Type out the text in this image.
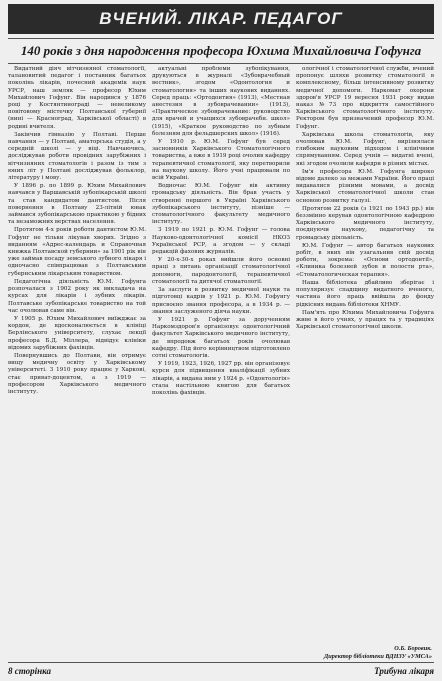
ВЧЕНИЙ. ЛІКАР. ПЕДАГОГ
140 років з дня народження професора Юхима Михайловича Гофунга

Видатний діяч вітчизняної стоматології, талановитий педагог і поставник багатьох поколінь лікарів, почесний академік наук УРСР, наш земляк — професор Юхим Михайлович Гофунг. Він народився у 1876 році у Костянтинограді — невеликому повітовому містечку Полтавської губернії (нині — Красноград, Харківської області) в родині вчителя.

Закінчив гімназію у Полтаві. Перше навчання — у Полтаві, аматорська студія, а у середній школі — у віці. Навчаючись, досліджував роботи провідних зарубіжних і вітчизняних стоматологів і разом із тим з юних літ у Полтаві досліджував фольклор, літературу і мову.

У 1896 р. по 1899 р. Юхим Михайлович навчався у Варшавській зубопікарській школі та став кандидатом дантистом. Після повернення в Полтаву 23-літній юнак займався зубопікарською практикою у бідних та незаможних верствах населення.

Протягом 4-х років роботи дантистом Ю.М. Гофунг не тільки лікував хворих. Згідно з виданням «Адрес-календарь и Справочная книжка Полтавской губернии» за 1901 рік він уже займав посаду земського зубного лікаря і одночасно співпрацював з Полтавським губернським лікарським товариством.

Педагогічна діяльність Ю.М. Гофунга розпочалася з 1902 року як викладача на курсах для лікарів і зубних лікарів. Полтавське зубопікарське товариство на той час очолював саме він.

У 1905 р. Юхим Михайлович виїжджає за кордон, де вдосконалюється в клініці Берлінського університету, слухає лекції професора Б.Д. Міллера, відвідує клініки відомих зарубіжних фахівців.

Повернувшись до Полтави, він отримує вищу медичну освіту у Харківському університеті. З 1910 року працює у Харкові, стає приват-доцентом, а з 1919 — професором Харківського медичного інституту.

актуальні проблеми зубопікування, друкуються в журналі «Зубоврачебный вестник», згодом «Одонтология и стоматология» та інших наукових виданнях. Серед праць: «Ортодонтия» (1913), «Местная анестезия в зубоврачевании» (1913), «Практическое зубоврачевание: руководство для врачей и учащихся зубоврачебн. школ» (1915), «Краткое руководство по зубным болезням для фельдшерских школ» (1916).

У 1910 р. Ю.М. Гофунг був серед засновників Харківського Стоматологічного товариства, а вже в 1919 році очолив кафедру терапевтичної стоматології, яку перетворили на наукову школу. Його учні працювали по всій Україні.

Водночас Ю.М. Гофунг вів активну громадську діяльність. Він брав участь у створенні першого в Україні Харківського зубопікарського інституту, пізніше — стоматологічного факультету медичного інституту.

З 1919 по 1921 р. Ю.М. Гофунг — голова Науково-одонтологічної комісії НКОЗ Української РСР, а згодом — у складі редакцій фахових журналів.

У 20-х-30-х роках вийшли його основні праці з питань організації стоматологічної допомоги, пародонтології, терапевтичної стоматології та дитячої стоматології.

За заслуги в розвитку медичної науки та підготовці кадрів у 1921 р. Ю.М. Гофунгу присвоєно звання професора, а в 1934 р. — звання заслуженого діяча науки.

У 1921 р. Гофунг за дорученням Наркомздоров'я організовує одонтологічний факультет Харківського медичного інституту, де впродовж багатьох років очолював кафедру. Під його керівництвом підготовлено сотні стоматологів.

У 1919, 1923, 1926, 1927 рр. він організовує курси для підвищення кваліфікації зубних лікарів, а видана ним у 1924 р. «Одонтологія» стала настільною книгою для багатьох поколінь фахівців.

ологічної і стоматологічної служби, вчений пропонує шляхи розвитку стоматології в комплексному, більш інтенсивному розвитку медичної допомоги. Наркомат охорони здоров'я УРСР 19 вересня 1931 року видав наказ №73 про відкриття самостійного Харківського стоматологічного інституту. Ректором був призначений професор Ю.М. Гофунг.

Харківська школа стоматологів, яку очолював Ю.М. Гофунг, вирізнялася глибоким науковим підходом і клінічним спрямуванням. Серед учнів — видатні вчені, які згодом очолили кафедри в різних містах.

Ім'я професора Ю.М. Гофунга широко відоме далеко за межами України. Його праці видавалися різними мовами, а досвід Харківської стоматологічної школи став основою розвитку галузі.

Протягом 22 років (з 1921 по 1943 рр.) він беззмінно керував одонтологічною кафедрою Харківського медичного інституту, поєднуючи наукову, педагогічну та громадську діяльність.

Ю.М. Гофунг — автор багатьох наукових робіт, в яких він узагальнив свій досвід роботи, зокрема: «Основи ортодонтії», «Клиника болезней зубов и полости рта», «Стоматологическая терапия».

Наша бібліотека дбайливо зберігає і популяризує спадщину видатного вченого, частина його праць ввійшла до фонду рідкісних видань бібліотеки ХНМУ.

Пам'ять про Юхима Михайловича Гофунга живе в його учнях, у працях та у традиціях Харківської стоматологічної школи.

О.Б. Боровик.
Директор бібліотеки ВДНЗУ «УМСА»
8 сторінка	Трибуна лікаря
